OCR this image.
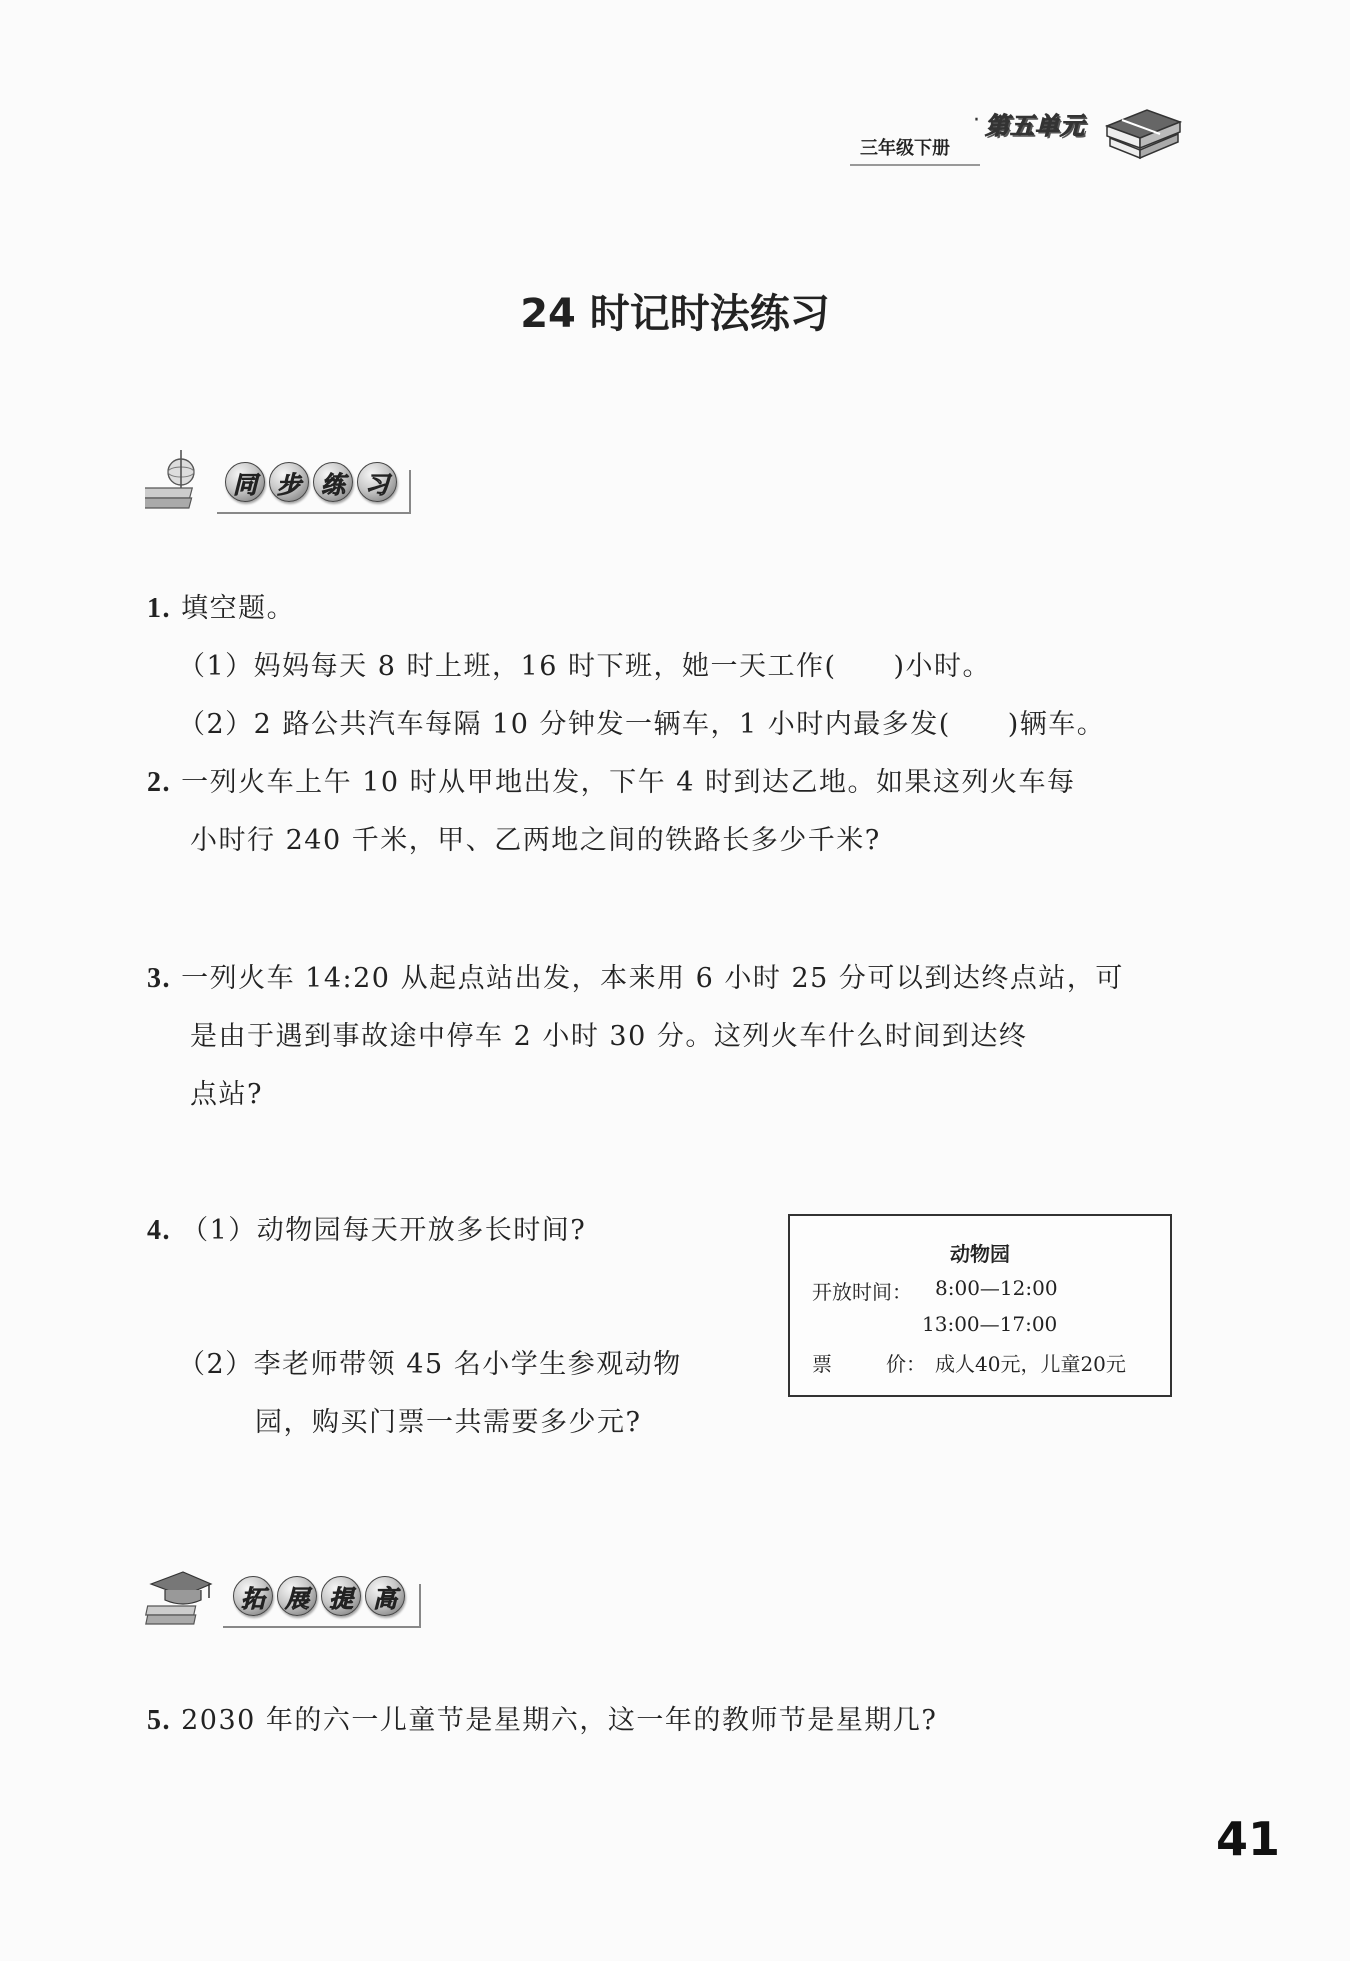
· 第五单元
三年级下册
24 时记时法练习
同 步 练 习
1. 填空题。
（1）妈妈每天 8 时上班，16 时下班，她一天工作(　　)小时。
（2）2 路公共汽车每隔 10 分钟发一辆车，1 小时内最多发(　　)辆车。
2. 一列火车上午 10 时从甲地出发，下午 4 时到达乙地。如果这列火车每
小时行 240 千米，甲、乙两地之间的铁路长多少千米?
3. 一列火车 14:20 从起点站出发，本来用 6 小时 25 分可以到达终点站，可
是由于遇到事故途中停车 2 小时 30 分。这列火车什么时间到达终
点站?
4. （1）动物园每天开放多长时间?
（2）李老师带领 45 名小学生参观动物
园，购买门票一共需要多少元?
动物园
开放时间： 8:00—12:00
13:00—17:00
票	价： 成人40元，儿童20元
拓 展 提 高
5. 2030 年的六一儿童节是星期六，这一年的教师节是星期几?
41
